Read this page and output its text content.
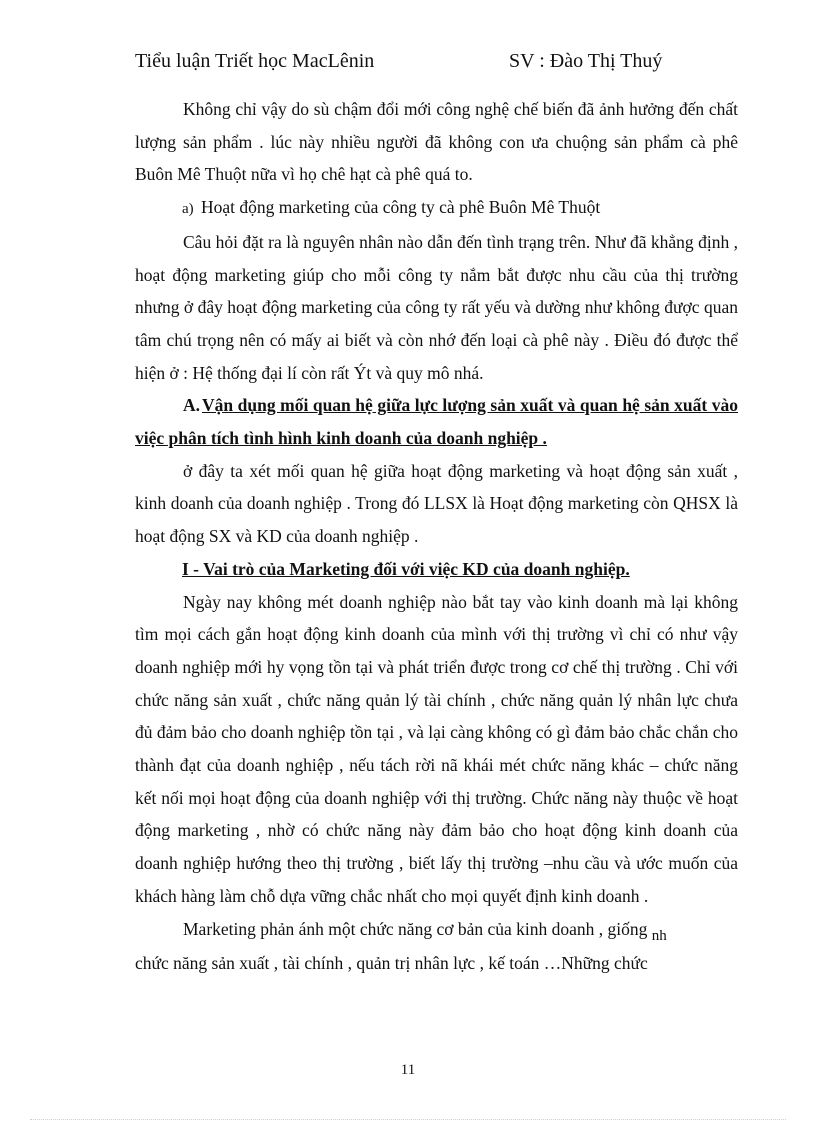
Tiểu luận Triết học MacLênin	SV : Đào Thị Thuý

Không chỉ vậy do sù chậm đổi mới công nghệ chế biến đã ảnh hưởng đến chất lượng sản phẩm . lúc này nhiều người đã không con ưa chuộng sản phẩm cà phê Buôn Mê Thuột nữa vì họ chê hạt cà phê quá to.

a) Hoạt động marketing của công ty cà phê Buôn Mê Thuột

Câu hỏi đặt ra là nguyên nhân nào dẫn đến tình trạng trên. Như đã khẳng định , hoạt động marketing giúp cho mỗi công ty nắm bắt được nhu cầu của thị trường nhưng ở đây hoạt động marketing của công ty rất yếu và dường như không được quan tâm chú trọng nên có mấy ai biết và còn nhớ đến loại cà phê này . Điều đó được thể hiện ở : Hệ thống đại lí còn rất Ýt và quy mô nhá.

A. Vận dụng mối quan hệ giữa lực lượng sản xuất và quan hệ sản xuất vào việc phân tích tình hình kinh doanh của doanh nghiệp .

ở đây ta xét mối quan hệ giữa hoạt động marketing và hoạt động sản xuất , kinh doanh của doanh nghiệp . Trong đó LLSX là Hoạt động marketing còn QHSX là hoạt động SX và KD của doanh nghiệp .

I - Vai trò của Marketing đối với việc KD của doanh nghiệp.

Ngày nay không mét doanh nghiệp nào bắt tay vào kinh doanh mà lại không tìm mọi cách gắn hoạt động kinh doanh của mình với thị trường vì chỉ có như vậy doanh nghiệp mới hy vọng tồn tại và phát triển được trong cơ chế thị trường . Chỉ với chức năng sản xuất , chức năng quản lý tài chính , chức năng quản lý nhân lực chưa đủ đảm bảo cho doanh nghiệp tồn tại , và lại càng không có gì đảm bảo chắc chắn cho thành đạt của doanh nghiệp , nếu tách rời nã khái mét chức năng khác – chức năng kết nối mọi hoạt động của doanh nghiệp với thị trường. Chức năng này thuộc về hoạt động marketing , nhờ có chức năng này đảm bảo cho hoạt động kinh doanh của doanh nghiệp hướng theo thị trường , biết lấy thị trường –nhu cầu và ước muốn của khách hàng làm chỗ dựa vững chắc nhất cho mọi quyết định kinh doanh .

Marketing phản ánh một chức năng cơ bản của kinh doanh , giống nh
chức năng sản xuất , tài chính , quản trị nhân lực , kế toán …Những chức

11
